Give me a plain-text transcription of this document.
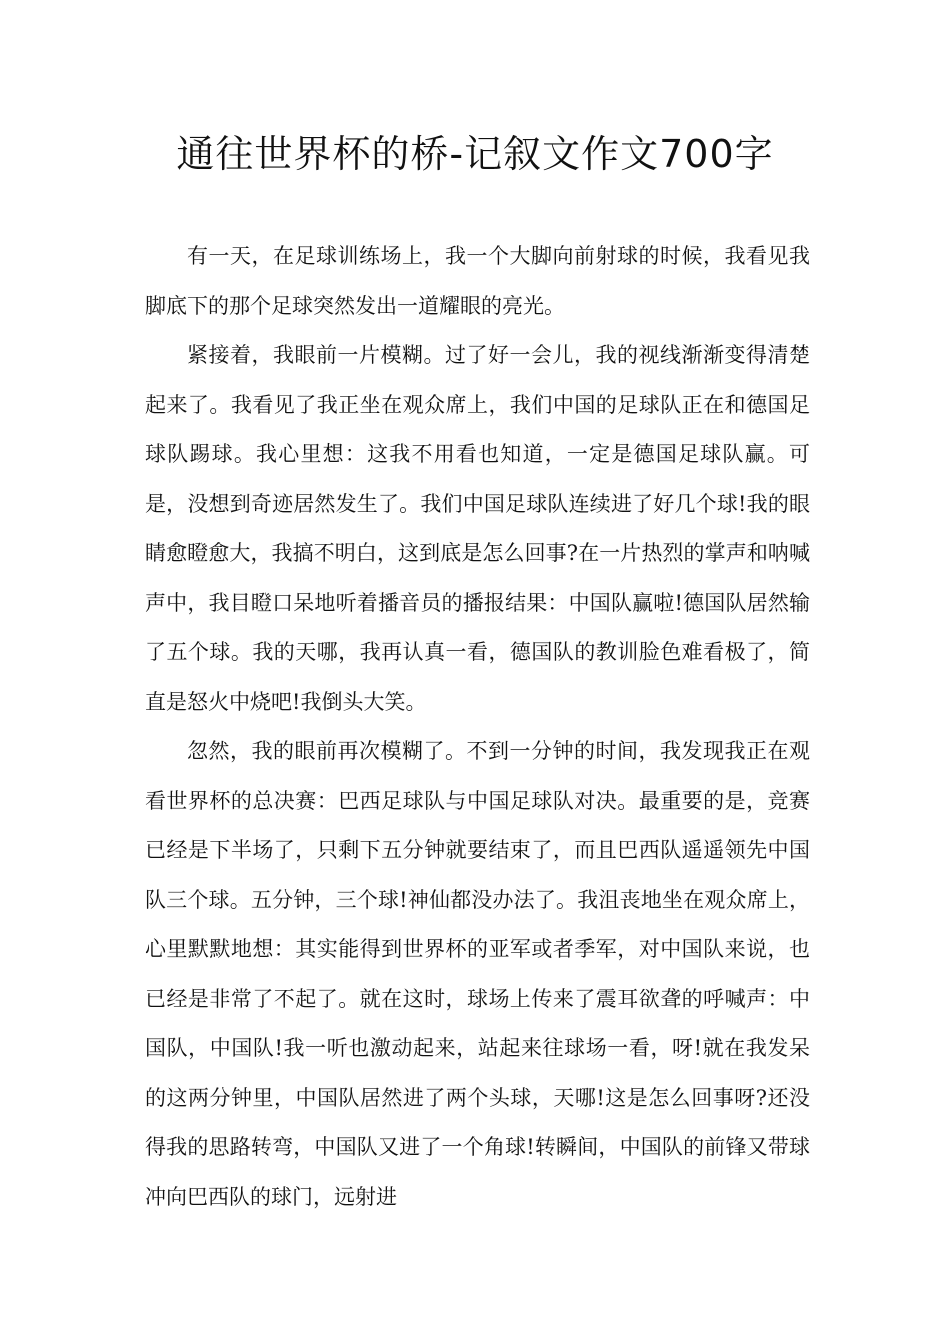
通往世界杯的桥-记叙文作文700字

有一天，在足球训练场上，我一个大脚向前射球的时候，我看见我脚底下的那个足球突然发出一道耀眼的亮光。

紧接着，我眼前一片模糊。过了好一会儿，我的视线渐渐变得清楚起来了。我看见了我正坐在观众席上，我们中国的足球队正在和德国足球队踢球。我心里想：这我不用看也知道，一定是德国足球队赢。可是，没想到奇迹居然发生了。我们中国足球队连续进了好几个球!我的眼睛愈瞪愈大，我搞不明白，这到底是怎么回事?在一片热烈的掌声和呐喊声中，我目瞪口呆地听着播音员的播报结果：中国队赢啦!德国队居然输了五个球。我的天哪，我再认真一看，德国队的教训脸色难看极了，简直是怒火中烧吧!我倒头大笑。

忽然，我的眼前再次模糊了。不到一分钟的时间，我发现我正在观看世界杯的总决赛：巴西足球队与中国足球队对决。最重要的是，竞赛已经是下半场了，只剩下五分钟就要结束了，而且巴西队遥遥领先中国队三个球。五分钟，三个球!神仙都没办法了。我沮丧地坐在观众席上，心里默默地想：其实能得到世界杯的亚军或者季军，对中国队来说，也已经是非常了不起了。就在这时，球场上传来了震耳欲聋的呼喊声：中国队，中国队!我一听也激动起来，站起来往球场一看，呀!就在我发呆的这两分钟里，中国队居然进了两个头球，天哪!这是怎么回事呀?还没得我的思路转弯，中国队又进了一个角球!转瞬间，中国队的前锋又带球冲向巴西队的球门，远射进
